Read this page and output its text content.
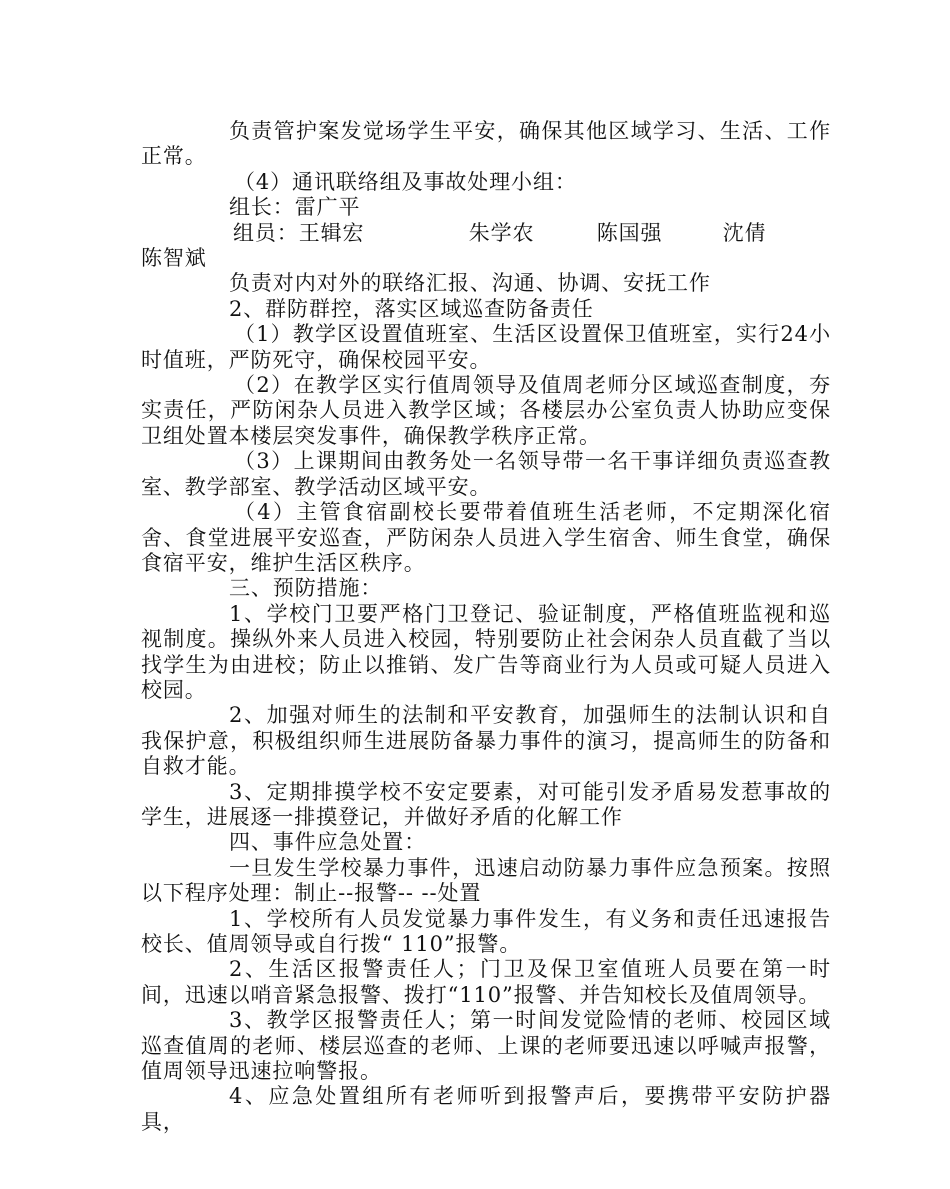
负责管护案发觉场学生平安，确保其他区域学习、生活、工作正常。

（4）通讯联络组及事故处理小组：

组长：雷广平

组员：王辑宏	朱学农	陈国强	沈倩

陈智斌

负责对内对外的联络汇报、沟通、协调、安抚工作

2、群防群控，落实区域巡查防备责任

（1）教学区设置值班室、生活区设置保卫值班室，实行24小时值班，严防死守，确保校园平安。

（2）在教学区实行值周领导及值周老师分区域巡查制度，夯实责任，严防闲杂人员进入教学区域；各楼层办公室负责人协助应变保卫组处置本楼层突发事件，确保教学秩序正常。

（3）上课期间由教务处一名领导带一名干事详细负责巡查教室、教学部室、教学活动区域平安。

（4）主管食宿副校长要带着值班生活老师，不定期深化宿舍、食堂进展平安巡查，严防闲杂人员进入学生宿舍、师生食堂，确保食宿平安，维护生活区秩序。

三、预防措施：

1、学校门卫要严格门卫登记、验证制度，严格值班监视和巡视制度。操纵外来人员进入校园，特别要防止社会闲杂人员直截了当以找学生为由进校；防止以推销、发广告等商业行为人员或可疑人员进入校园。

2、加强对师生的法制和平安教育，加强师生的法制认识和自我保护意，积极组织师生进展防备暴力事件的演习，提高师生的防备和自救才能。

3、定期排摸学校不安定要素，对可能引发矛盾易发惹事故的学生，进展逐一排摸登记，并做好矛盾的化解工作

四、事件应急处置：

一旦发生学校暴力事件，迅速启动防暴力事件应急预案。按照以下程序处理：制止--报警-- --处置

1、学校所有人员发觉暴力事件发生，有义务和责任迅速报告校长、值周领导或自行拨“ 110”报警。

2、生活区报警责任人；门卫及保卫室值班人员要在第一时间，迅速以哨音紧急报警、拨打“110”报警、并告知校长及值周领导。

3、教学区报警责任人；第一时间发觉险情的老师、校园区域巡查值周的老师、楼层巡查的老师、上课的老师要迅速以呼喊声报警，值周领导迅速拉响警报。

4、应急处置组所有老师听到报警声后，要携带平安防护器具，
